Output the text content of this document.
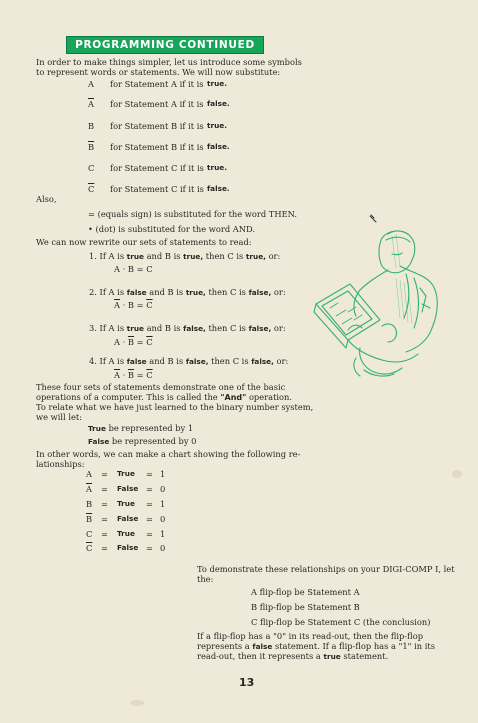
PROGRAMMING CONTINUED
In order to make things simpler, let us introduce some symbols
to represent words or statements. We will now substitute:
A for Statement A if it is true.
$\overline{A}$ for Statement A if it is false.
B for Statement B if it is true.
$\overline{B}$ for Statement B if it is false.
C for Statement C if it is true.
$\overline{C}$ for Statement C if it is false.
Also,
= (equals sign) is substituted for the word THEN.
• (dot) is substituted for the word AND.
We can now rewrite our sets of statements to read:
1. If A is true and B is true, then C is true, or:
A · B = C
2. If A is false and B is true, then C is false, or:
$\overline{A} \cdot B = \overline{C}$
3. If A is true and B is false, then C is false, or:
$A \cdot \overline{B} = \overline{C}$
4. If A is false and B is false, then C is false, or:
$\overline{A} \cdot \overline{B} = \overline{C}$
These four sets of statements demonstrate one of the basic
operations of a computer. This is called the "And" operation.
To relate what we have just learned to the binary number system,
we will let:
True be represented by 1
False be represented by 0
In other words, we can make a chart showing the following re-
lationships:
A = True = 1
$\overline{A}$ = False = 0
B = True = 1
$\overline{B}$ = False = 0
C = True = 1
$\overline{C}$ = False = 0
To demonstrate these relationships on your DIGI-COMP I, let
the:
A flip-flop be Statement A
B flip-flop be Statement B
C flip-flop be Statement C (the conclusion)
If a flip-flop has a "0" in its read-out, then the flip-flop
represents a false statement. If a flip-flop has a "1" in its
read-out, then it represents a true statement.
13
